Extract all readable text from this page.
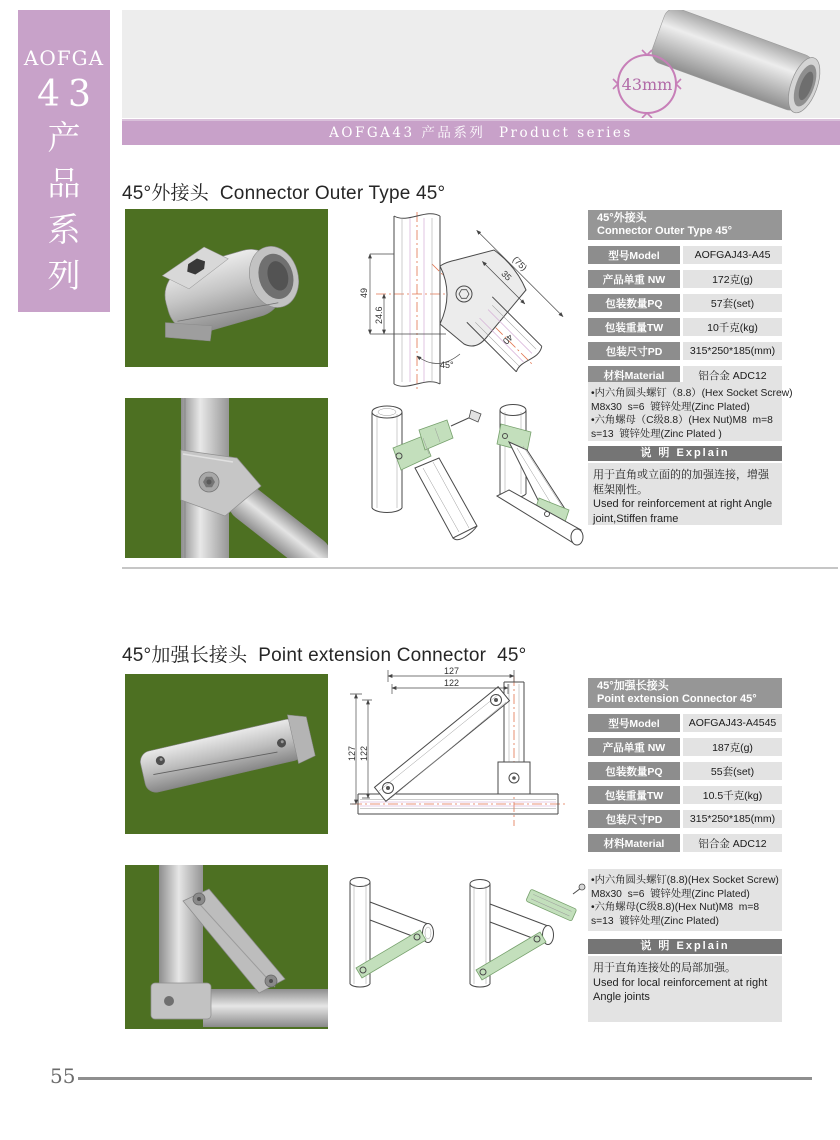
AOFGA
43
产
品
系
列
43mm
AOFGA43 产品系列  Product series
45°外接头  Connector Outer Type 45°
(75)
35
40
49
24.6
45°
45°外接头
Connector Outer Type 45°
型号Model	AOFGAJ43-A45
产品单重 NW	172克(g)
包装数量PQ	57套(set)
包装重量TW	10千克(kg)
包装尺寸PD	315*250*185(mm)
材料Material	铝合金 ADC12
•内六角圆头螺钉（8.8）(Hex Socket Screw)
M8x30  s=6  镀锌处理(Zinc Plated)
•六角螺母（C级8.8）(Hex Nut)M8  m=8
s=13  镀锌处理(Zinc Plated )
说 明 Explain
用于直角或立面的的加强连接，增强
框架刚性。
Used for reinforcement at right Angle
joint,Stiffen frame
45°加强长接头  Point extension Connector  45°
127
122
127 122
45°加强长接头
Point extension Connector 45°
型号Model	AOFGAJ43-A4545
产品单重 NW	187克(g)
包装数量PQ	55套(set)
包装重量TW	10.5千克(kg)
包装尺寸PD	315*250*185(mm)
材料Material	铝合金 ADC12
•内六角圆头螺钉(8.8)(Hex Socket Screw)
M8x30  s=6  镀锌处理(Zinc Plated)
•六角螺母(C级8.8)(Hex Nut)M8  m=8
s=13  镀锌处理(Zinc Plated)
说 明 Explain
用于直角连接处的局部加强。
Used for local reinforcement at right
Angle joints
55
